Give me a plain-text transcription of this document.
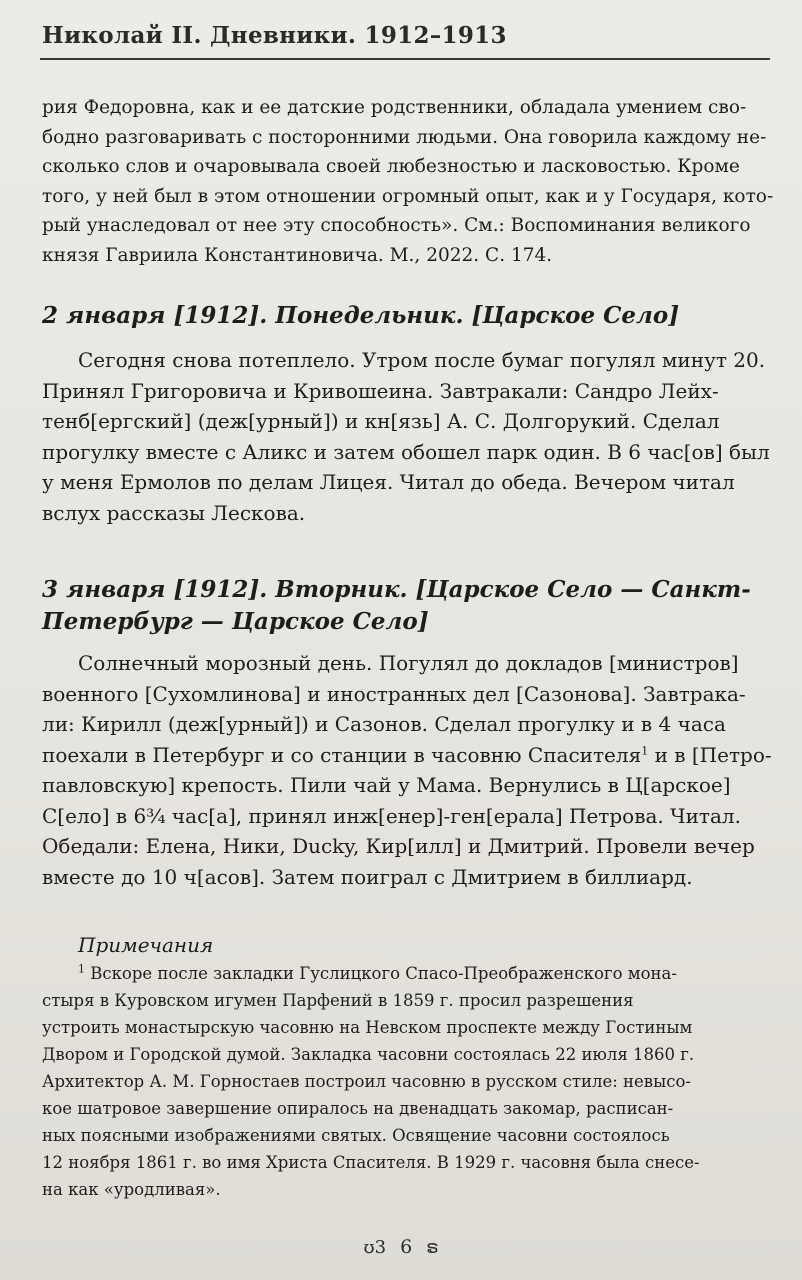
Николай II. Дневники. 1912–1913
рия Федоровна, как и ее датские родственники, обладала умением сво-
бодно разговаривать с посторонними людьми. Она говорила каждому не-
сколько слов и очаровывала своей любезностью и ласковостью. Кроме
того, у ней был в этом отношении огромный опыт, как и у Государя, кото-
рый унаследовал от нее эту способность». См.: Воспоминания великого
князя Гавриила Константиновича. М., 2022. С. 174.
2 января [1912]. Понедельник. [Царское Село]
Сегодня снова потеплело. Утром после бумаг погулял минут 20.
Принял Григоровича и Кривошеина. Завтракали: Сандро Лейх-
тенб[ергский] (деж[урный]) и кн[язь] А. С. Долгорукий. Сделал
прогулку вместе с Аликс и затем обошел парк один. В 6 час[ов] был
у меня Ермолов по делам Лицея. Читал до обеда. Вечером читал
вслух рассказы Лескова.
3 января [1912]. Вторник. [Царское Село — Санкт-
Петербург — Царское Село]
Солнечный морозный день. Погулял до докладов [министров]
военного [Сухомлинова] и иностранных дел [Сазонова]. Завтрака-
ли: Кирилл (деж[урный]) и Сазонов. Сделал прогулку и в 4 часа
поехали в Петербург и со станции в часовню Спасителя$^1$ и в [Петро-
павловскую] крепость. Пили чай у Мама. Вернулись в Ц[арское]
С[ело] в 6¾ час[а], принял инж[енер]-ген[ерала] Петрова. Читал.
Обедали: Елена, Ники, Ducky, Кир[илл] и Дмитрий. Провели вечер
вместе до 10 ч[асов]. Затем поиграл с Дмитрием в биллиард.
Примечания
$^1$ Вскоре после закладки Гуслицкого Спасо-Преображенского мона-
стыря в Куровском игумен Парфений в 1859 г. просил разрешения
устроить монастырскую часовню на Невском проспекте между Гостиным
Двором и Городской думой. Закладка часовни состоялась 22 июля 1860 г.
Архитектор А. М. Горностаев построил часовню в русском стиле: невысо-
кое шатровое завершение опиралось на двенадцать закомар, расписан-
ных поясными изображениями святых. Освящение часовни состоялось
12 ноября 1861 г. во имя Христа Спасителя. В 1929 г. часовня была снесе-
на как «уродливая».
ʊ3 6 ຣ
